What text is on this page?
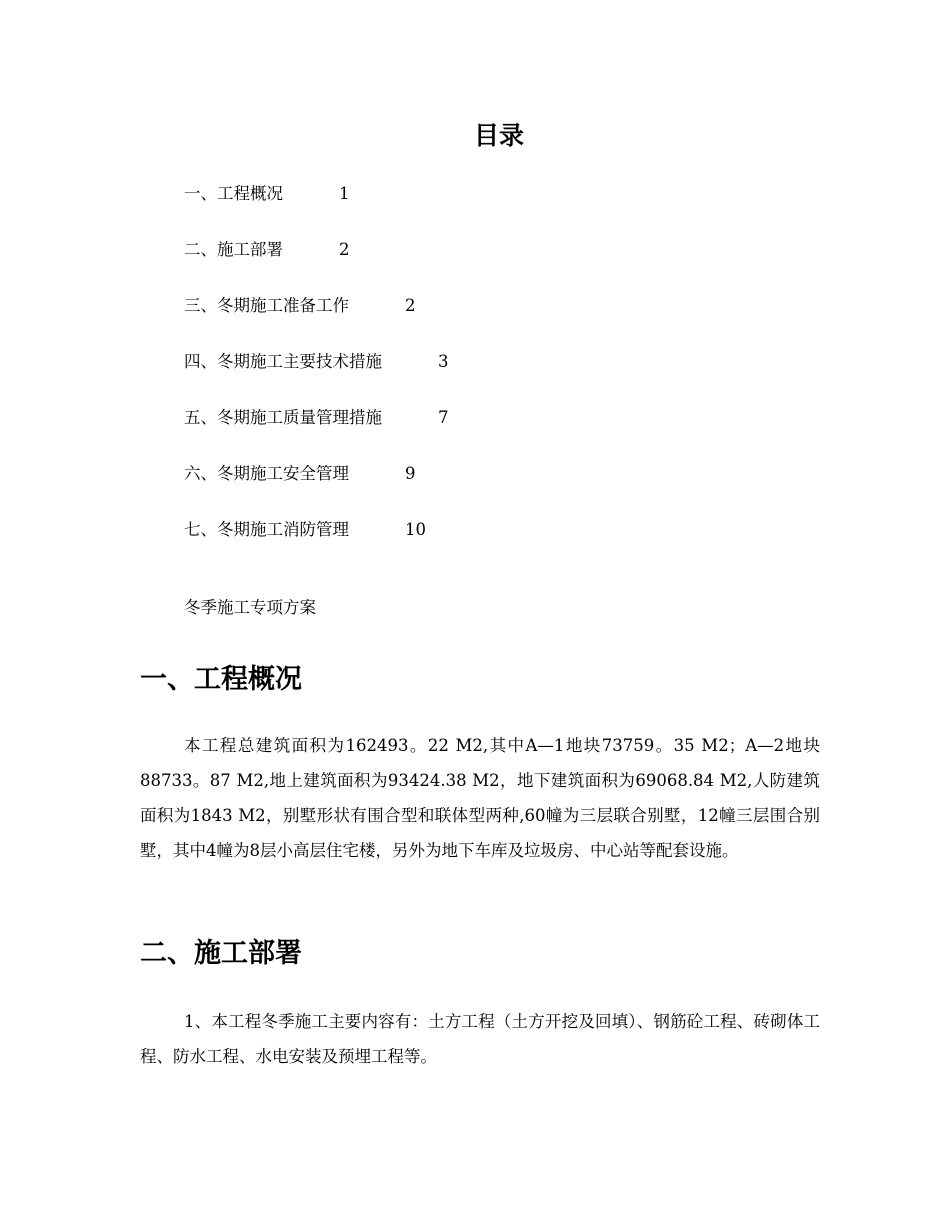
目录
一、工程概况	1
二、施工部署	2
三、冬期施工准备工作	2
四、冬期施工主要技术措施	3
五、冬期施工质量管理措施	7
六、冬期施工安全管理	9
七、冬期施工消防管理	10

冬季施工专项方案

一、工程概况

本工程总建筑面积为162493。22 M2,其中A—1地块73759。35 M2；A—2地块88733。87 M2,地上建筑面积为93424.38 M2，地下建筑面积为69068.84 M2,人防建筑面积为1843 M2，别墅形状有围合型和联体型两种,60幢为三层联合别墅，12幢三层围合别墅，其中4幢为8层小高层住宅楼，另外为地下车库及垃圾房、中心站等配套设施。

二、施工部署

1、本工程冬季施工主要内容有：土方工程（土方开挖及回填）、钢筋砼工程、砖砌体工程、防水工程、水电安装及预埋工程等。
